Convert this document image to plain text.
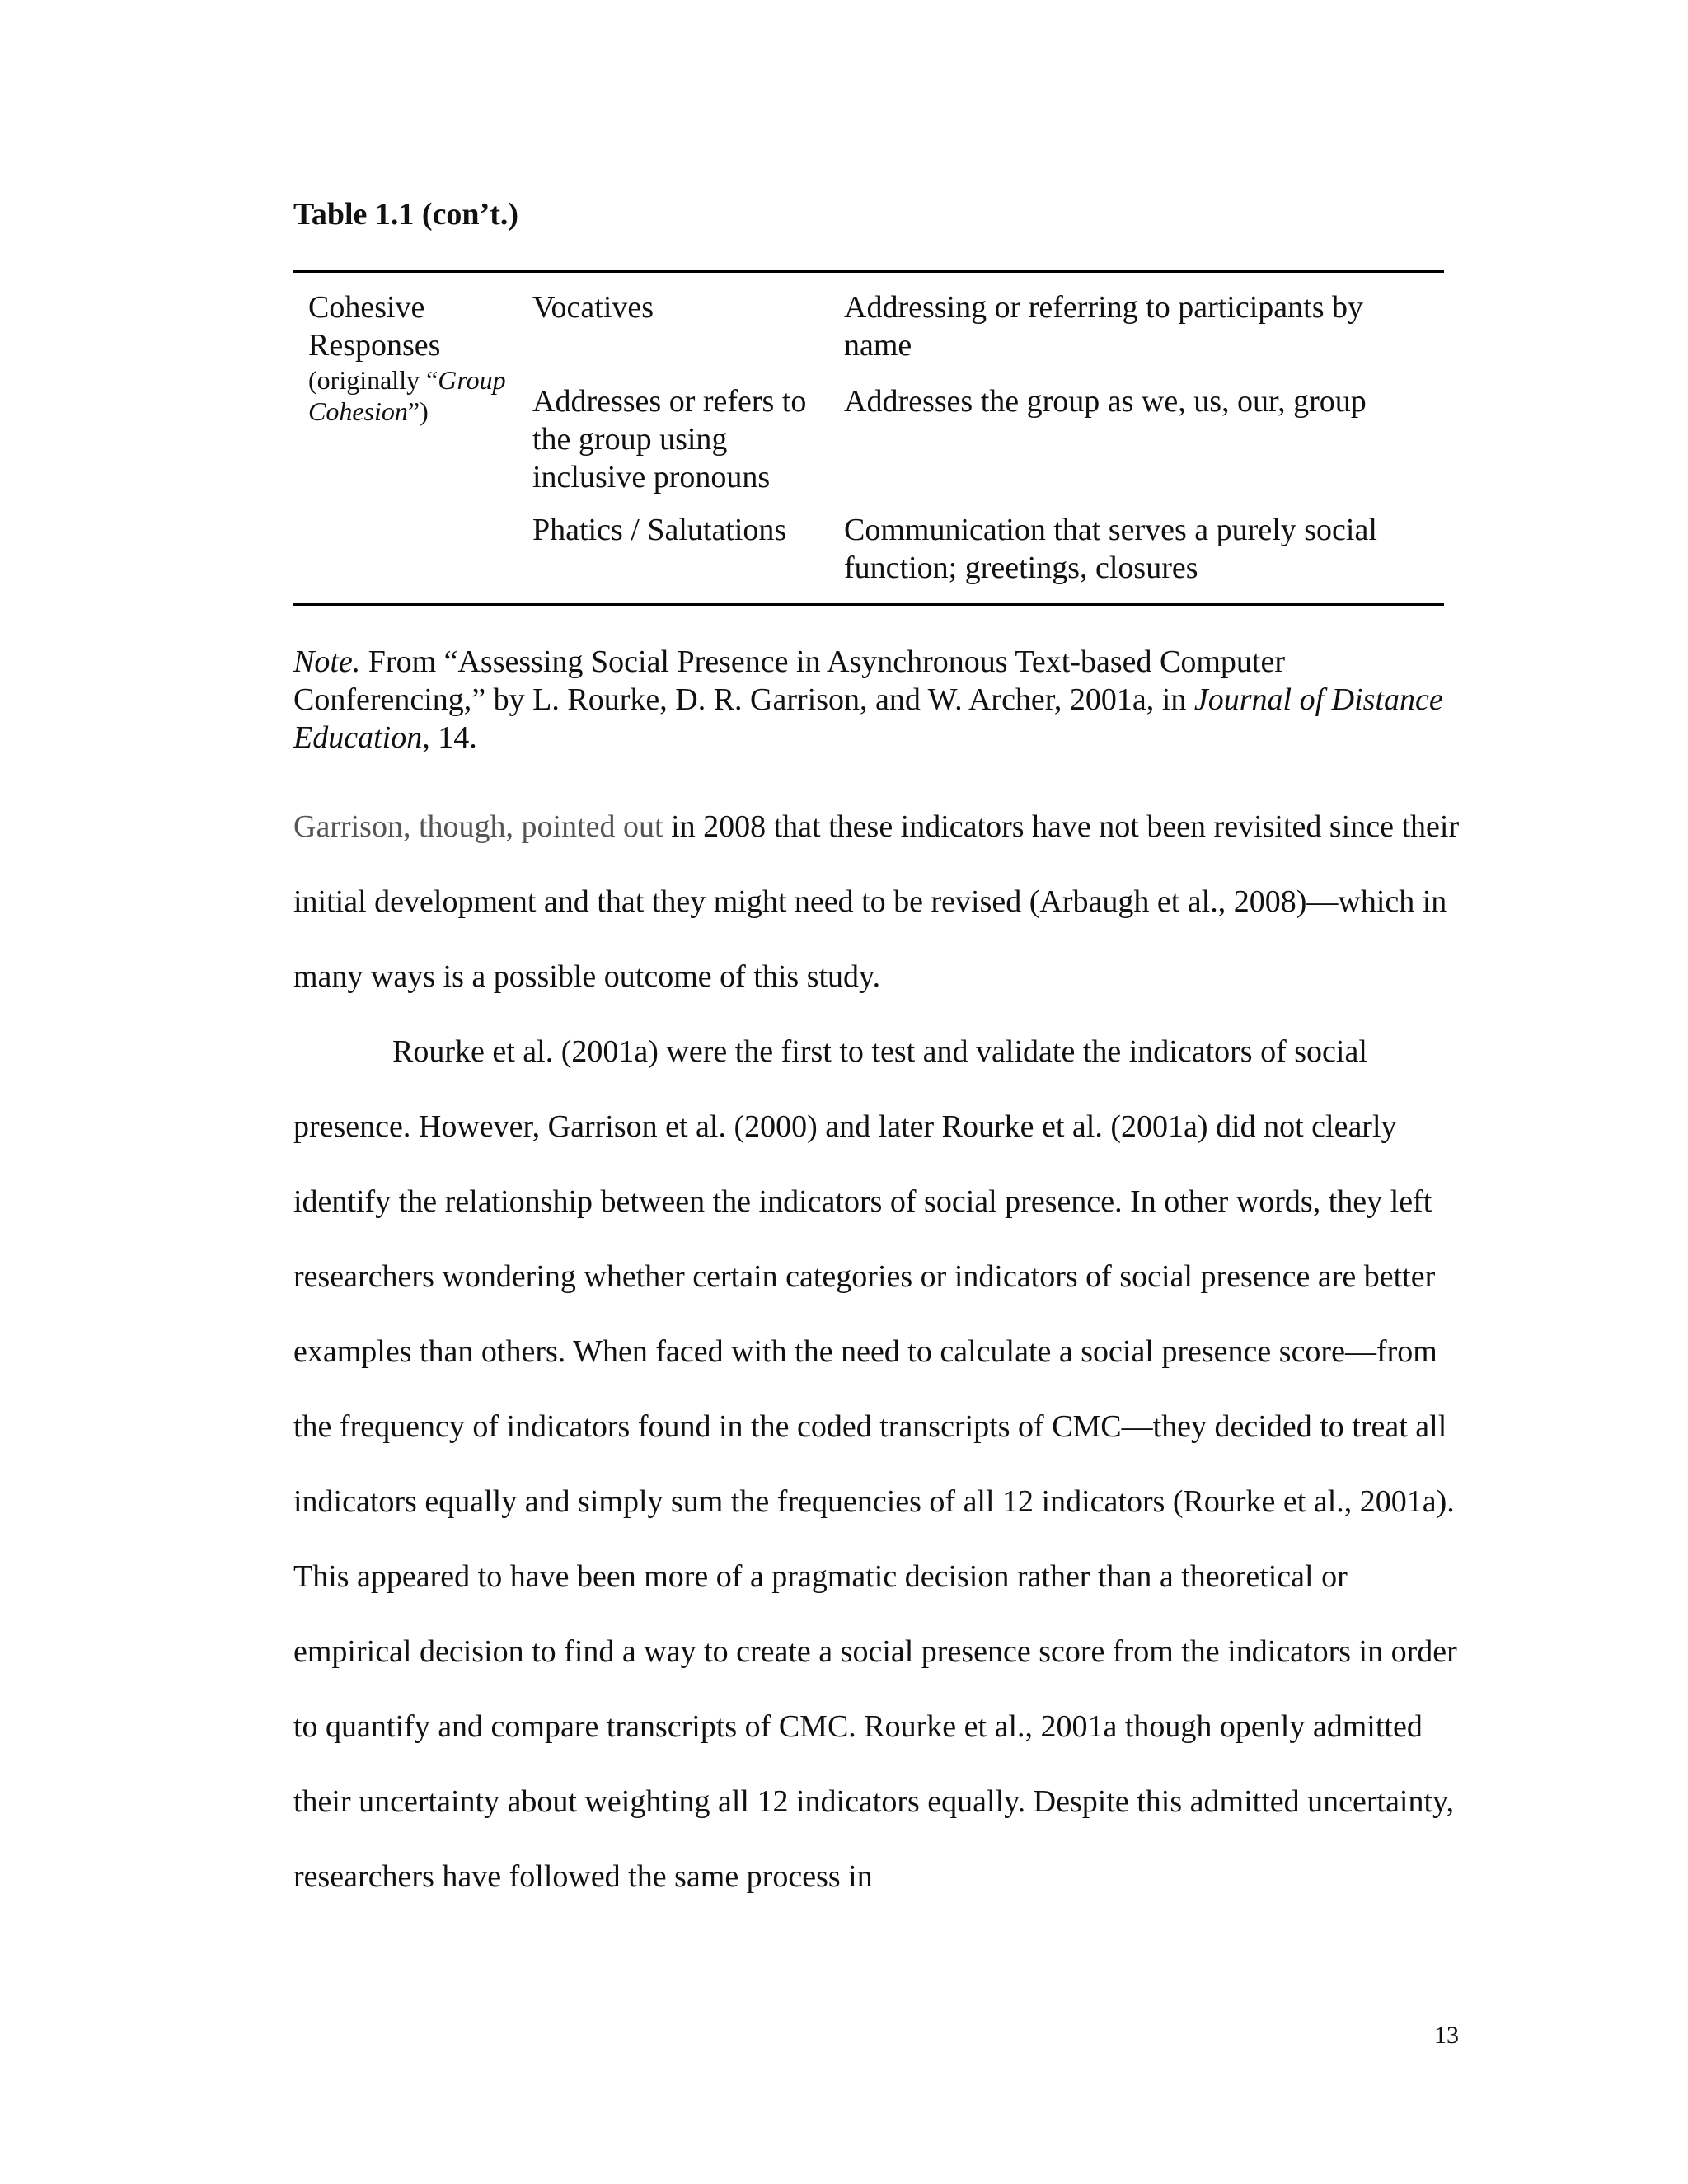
Table 1.1 (con’t.)
Cohesive Responses
(originally “Group Cohesion”)
Vocatives	Addressing or referring to participants by name
Addresses or refers to the group using inclusive pronouns
Addresses the group as we, us, our, group
Phatics / Salutations	Communication that serves a purely social function; greetings, closures
Note. From “Assessing Social Presence in Asynchronous Text-based Computer Conferencing,” by L. Rourke, D. R. Garrison, and W. Archer, 2001a, in Journal of Distance Education, 14.

Garrison, though, pointed out in 2008 that these indicators have not been revisited since their initial development and that they might need to be revised (Arbaugh et al., 2008)—which in many ways is a possible outcome of this study.

Rourke et al. (2001a) were the first to test and validate the indicators of social presence. However, Garrison et al. (2000) and later Rourke et al. (2001a) did not clearly identify the relationship between the indicators of social presence. In other words, they left researchers wondering whether certain categories or indicators of social presence are better examples than others. When faced with the need to calculate a social presence score—from the frequency of indicators found in the coded transcripts of CMC—they decided to treat all indicators equally and simply sum the frequencies of all 12 indicators (Rourke et al., 2001a). This appeared to have been more of a pragmatic decision rather than a theoretical or empirical decision to find a way to create a social presence score from the indicators in order to quantify and compare transcripts of CMC. Rourke et al., 2001a though openly admitted their uncertainty about weighting all 12 indicators equally. Despite this admitted uncertainty, researchers have followed the same process in

13
